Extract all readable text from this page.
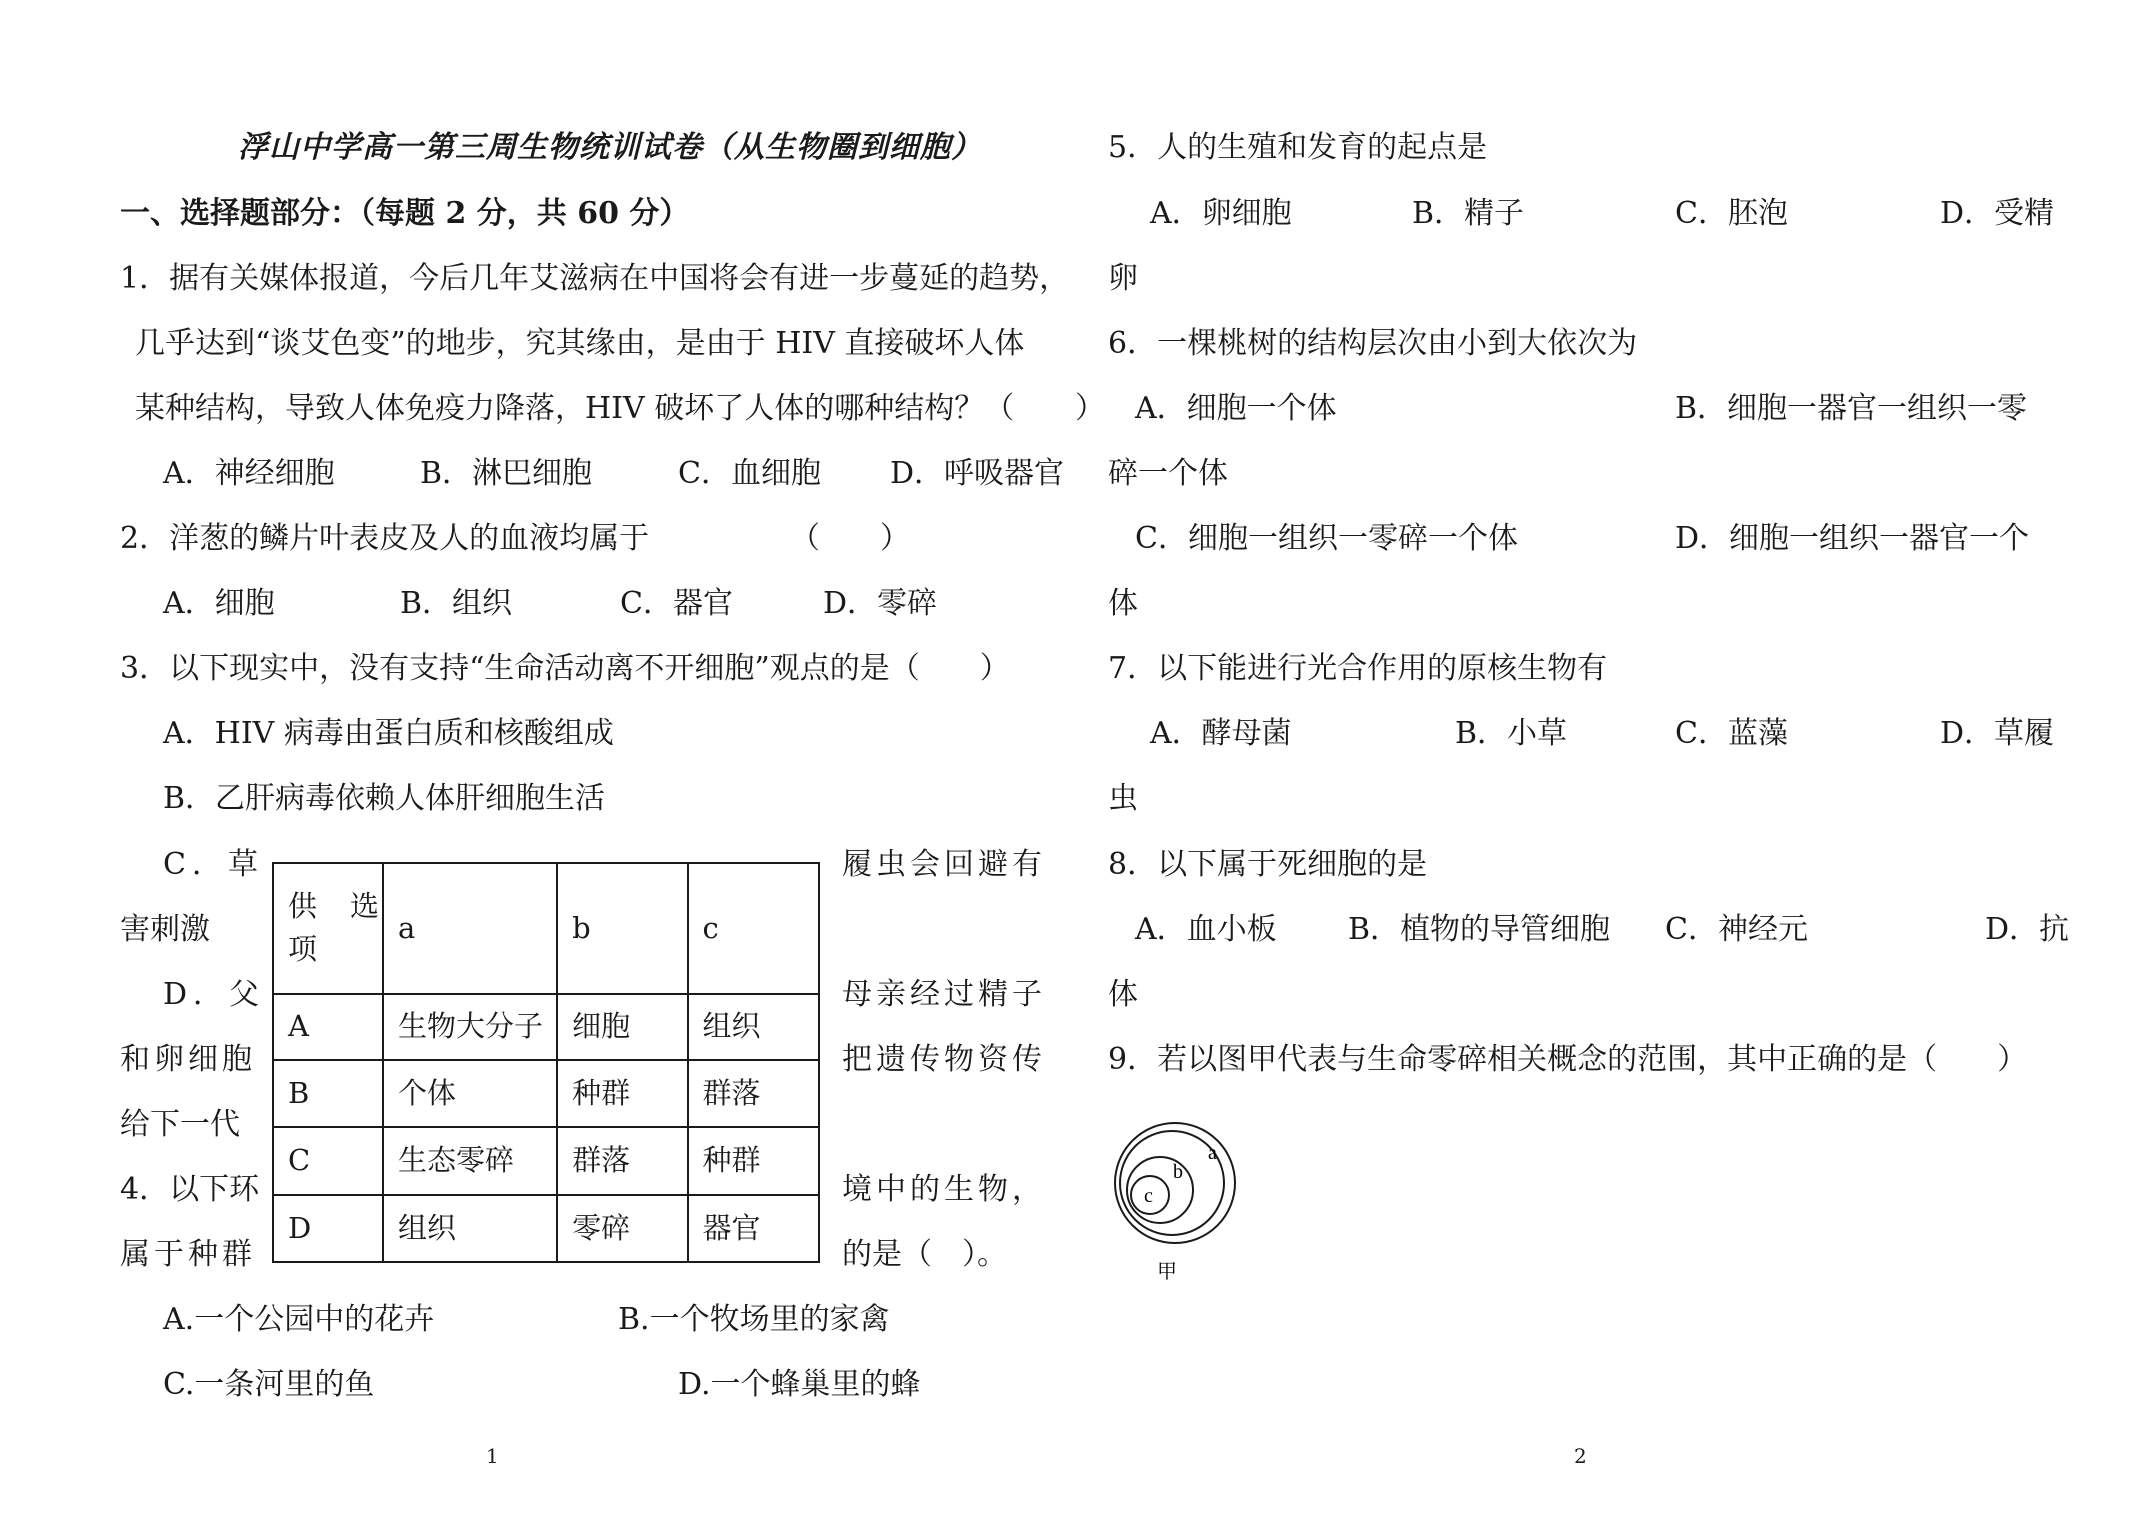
浮山中学高一第三周生物统训试卷（从生物圈到细胞）
一、选择题部分：（每题 2 分，共 60 分）
1．据有关媒体报道，今后几年艾滋病在中国将会有进一步蔓延的趋势，
几乎达到“谈艾色变”的地步，究其缘由，是由于 HIV 直接破坏人体
某种结构，导致人体免疫力降落，HIV 破坏了人体的哪种结构？（ ）
A．神经细胞	B．淋巴细胞	C．血细胞 D．呼吸器官
2．洋葱的鳞片叶表皮及人的血液均属于	（　　）
A．细胞	B．组织	C．器官	D．零碎
3．以下现实中，没有支持“生命活动离不开细胞”观点的是（　　）
A．HIV 病毒由蛋白质和核酸组成
B．乙肝病毒依赖人体肝细胞生活
C．草
害刺激
履虫会回避有
D．父
和卵细胞
给下一代
母亲经过精子
把遗传物资传
4．以下环
属于种群
境中的生物，
的是（　）。
A.一个公园中的花卉	B.一个牧场里的家禽
C.一条河里的鱼	D.一个蜂巢里的蜂
供　选
项	a	b	c
A	生物大分子	细胞	组织
B	个体	种群	群落
C	生态零碎	群落	种群
D	组织	零碎	器官
1
5．人的生殖和发育的起点是
A．卵细胞	B．精子	C．胚泡	D．受精
卵
6．一棵桃树的结构层次由小到大依次为
A．细胞一个体	B．细胞一器官一组织一零
碎一个体
C．细胞一组织一零碎一个体	D．细胞一组织一器官一个
体
7．以下能进行光合作用的原核生物有
A．酵母菌	B．小草	C．蓝藻	D．草履
虫
8．以下属于死细胞的是
A．血小板 B．植物的导管细胞 C．神经元	D．抗
体
9．若以图甲代表与生命零碎相关概念的范围，其中正确的是（　　）
a
b
c
甲
2
